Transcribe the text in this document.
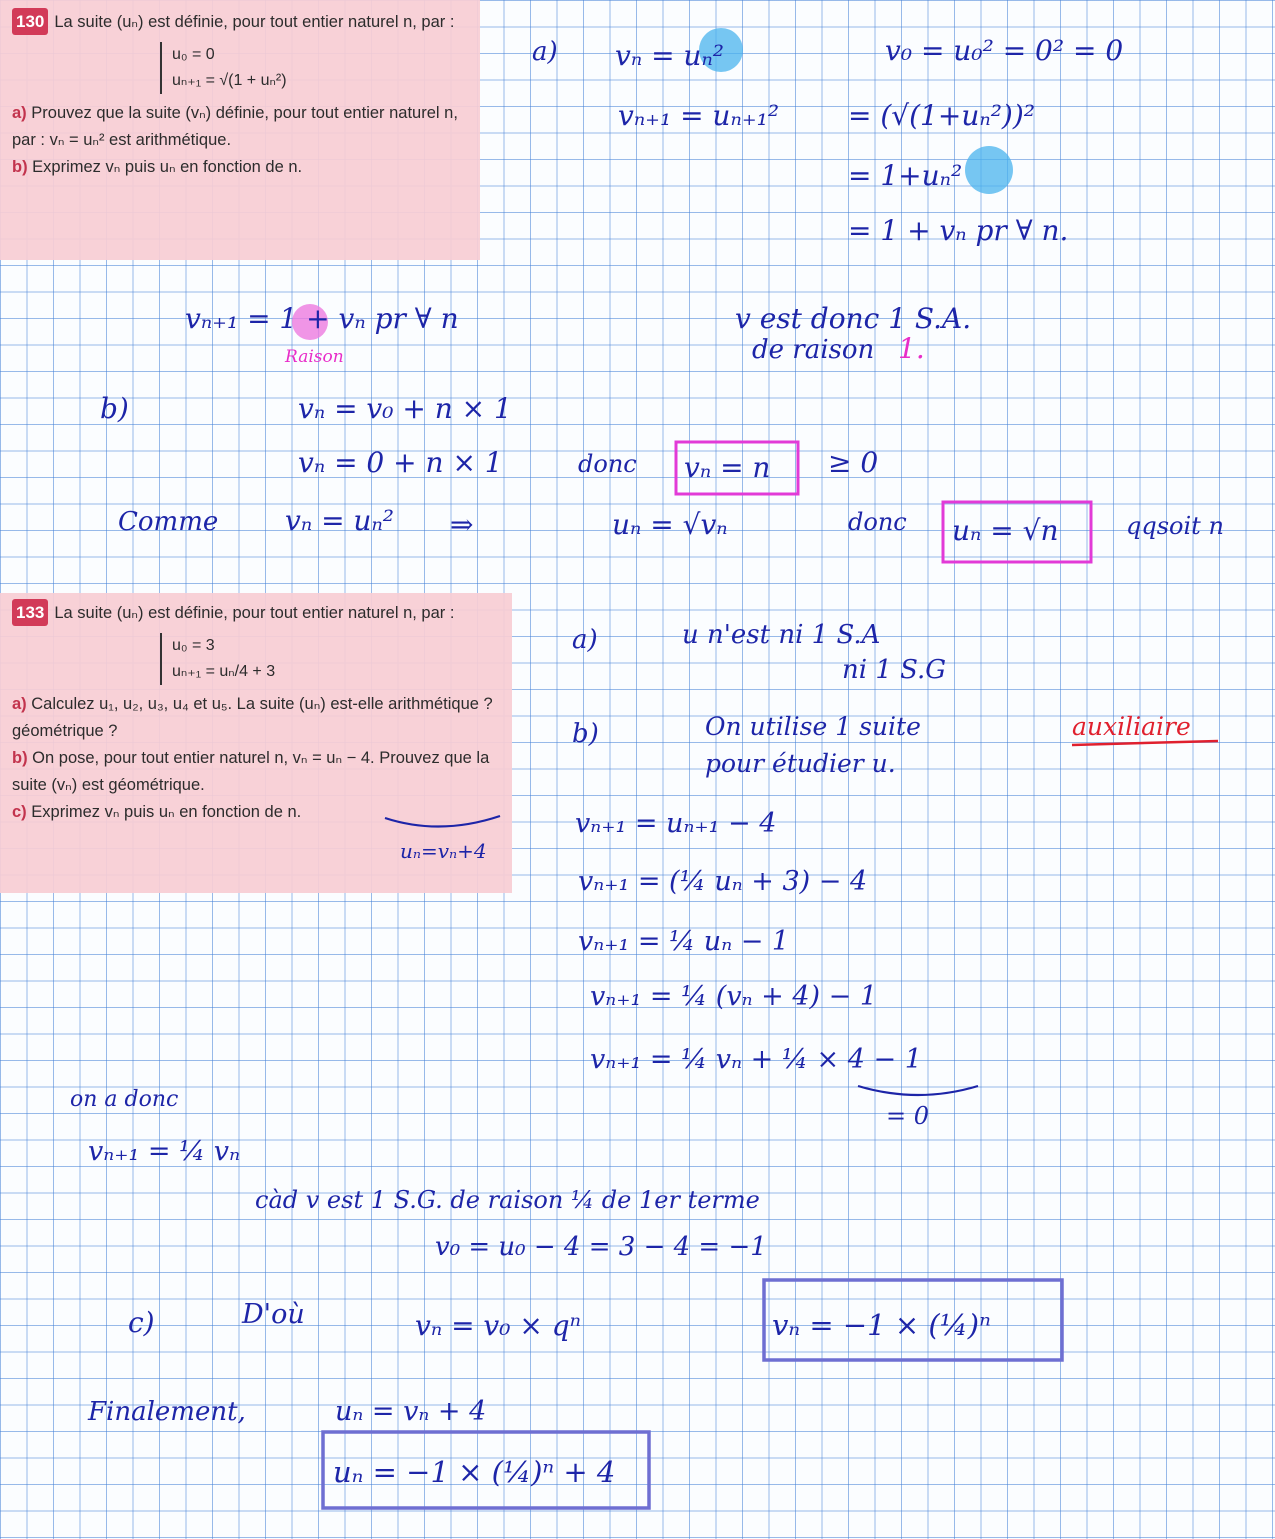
130 La suite (uₙ) est définie, pour tout entier naturel n, par :

u₀ = 0
uₙ₊₁ = √(1 + uₙ²)

a) Prouvez que la suite (vₙ) définie, pour tout entier naturel n, par : vₙ = uₙ² est arithmétique.

b) Exprimez vₙ puis uₙ en fonction de n.

133 La suite (uₙ) est définie, pour tout entier naturel n, par :

u₀ = 3
uₙ₊₁ = uₙ/4 + 3

a) Calculez u₁, u₂, u₃, u₄ et u₅. La suite (uₙ) est-elle arithmétique ? géométrique ?

b) On pose, pour tout entier naturel n, vₙ = uₙ − 4. Prouvez que la suite (vₙ) est géométrique.

c) Exprimez vₙ puis uₙ en fonction de n.

a) vₙ = uₙ²	v₀ = u₀² = 0² = 0
vₙ₊₁ = uₙ₊₁² = (√(1+uₙ²))²
= 1+uₙ²
= 1 + vₙ pr ∀ n.
vₙ₊₁ = 1 + vₙ pr ∀ n
Raison
v est donc 1 S.A.
de raison 1.
b)	vₙ = v₀ + n × 1
vₙ = 0 + n × 1	donc vₙ = n ≥ 0
Comme vₙ = uₙ² ⇒	uₙ = √vₙ	donc uₙ = √n	qqsoit n
uₙ=vₙ+4
a)	u n'est ni 1 S.A
ni 1 S.G
b)	On utilise 1 suite	auxiliaire
pour étudier u.
vₙ₊₁ = uₙ₊₁ − 4
vₙ₊₁ = (¼ uₙ + 3) − 4
vₙ₊₁ = ¼ uₙ − 1
vₙ₊₁ = ¼ (vₙ + 4) − 1
vₙ₊₁ = ¼ vₙ + ¼ × 4 − 1
= 0
on a donc
vₙ₊₁ = ¼ vₙ
càd v est 1 S.G. de raison ¼ de 1er terme
v₀ = u₀ − 4 = 3 − 4 = −1
c)	D'où	vₙ = v₀ × qⁿ	vₙ = −1 × (¼)ⁿ
Finalement,	uₙ = vₙ + 4
uₙ = −1 × (¼)ⁿ + 4
